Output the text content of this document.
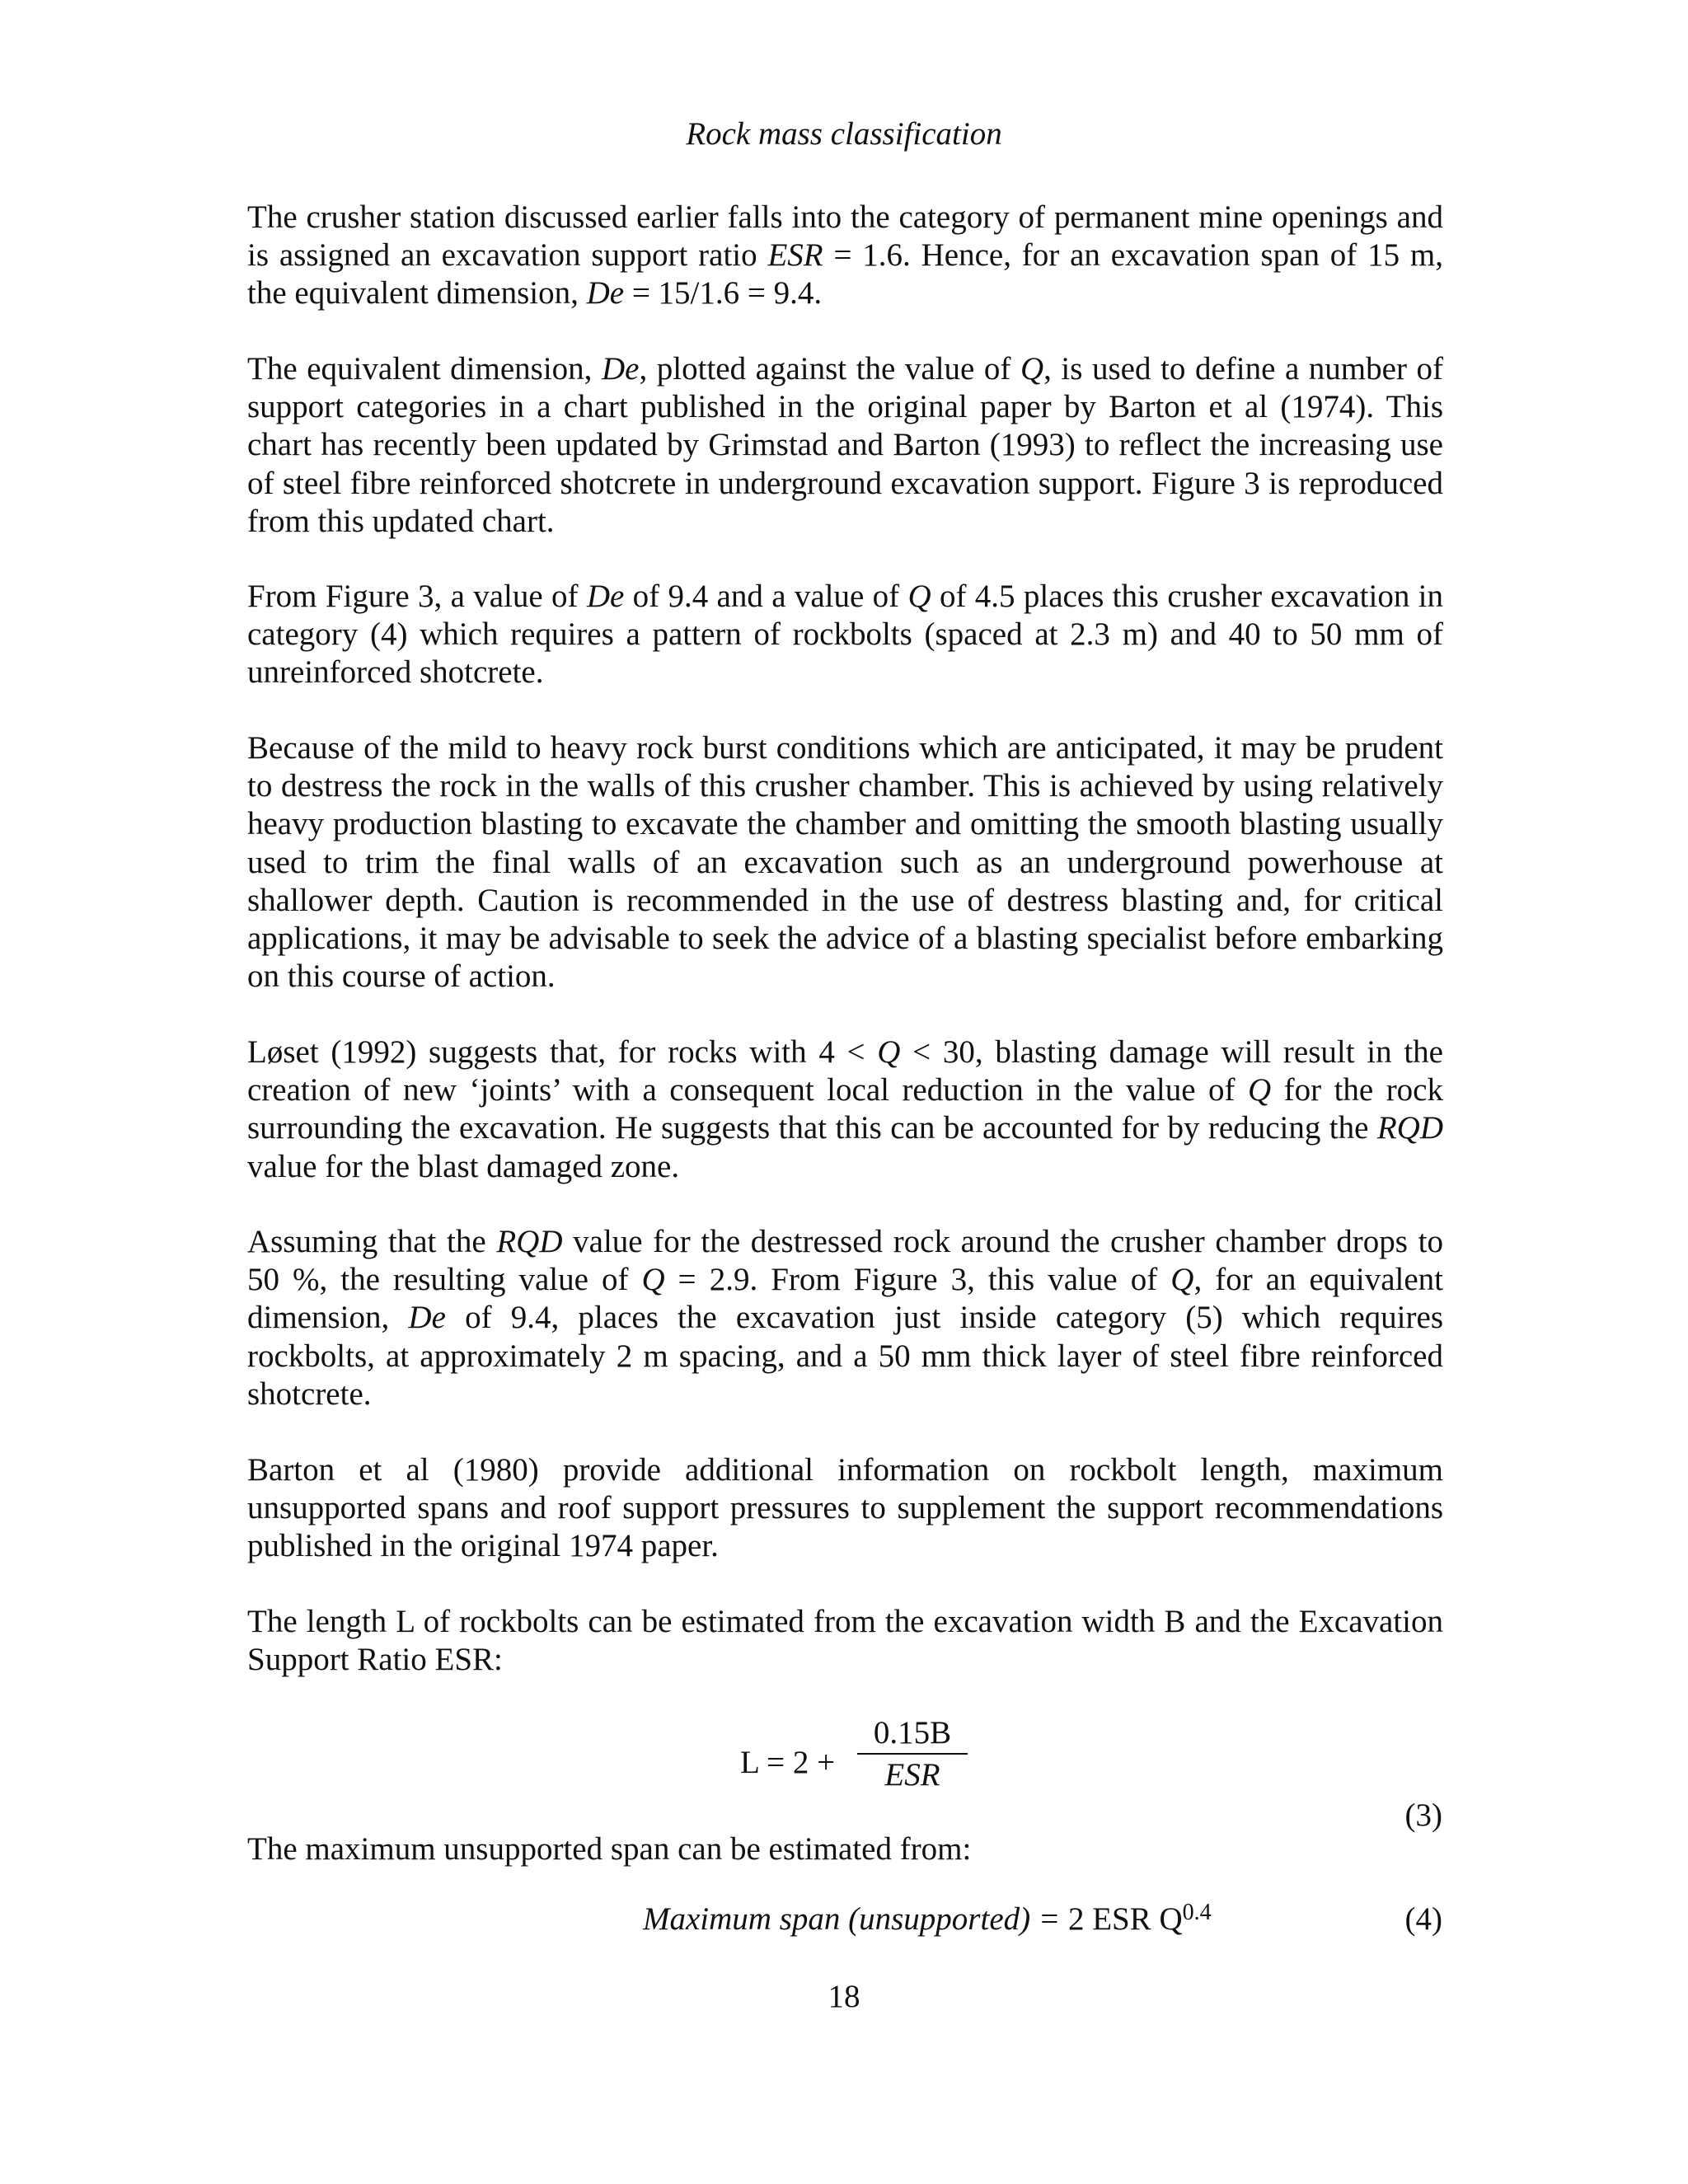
Rock mass classification
The crusher station discussed earlier falls into the category of permanent mine openings and is assigned an excavation support ratio ESR = 1.6. Hence, for an excavation span of 15 m, the equivalent dimension, De = 15/1.6 = 9.4.
The equivalent dimension, De, plotted against the value of Q, is used to define a number of support categories in a chart published in the original paper by Barton et al (1974). This chart has recently been updated by Grimstad and Barton (1993) to reflect the increasing use of steel fibre reinforced shotcrete in underground excavation support. Figure 3 is reproduced from this updated chart.
From Figure 3, a value of De of 9.4 and a value of Q of 4.5 places this crusher excavation in category (4) which requires a pattern of rockbolts (spaced at 2.3 m) and 40 to 50 mm of unreinforced shotcrete.
Because of the mild to heavy rock burst conditions which are anticipated, it may be prudent to destress the rock in the walls of this crusher chamber. This is achieved by using relatively heavy production blasting to excavate the chamber and omitting the smooth blasting usually used to trim the final walls of an excavation such as an underground powerhouse at shallower depth. Caution is recommended in the use of destress blasting and, for critical applications, it may be advisable to seek the advice of a blasting specialist before embarking on this course of action.
Løset (1992) suggests that, for rocks with 4 < Q < 30, blasting damage will result in the creation of new ‘joints’ with a consequent local reduction in the value of Q for the rock surrounding the excavation. He suggests that this can be accounted for by reducing the RQD value for the blast damaged zone.
Assuming that the RQD value for the destressed rock around the crusher chamber drops to 50 %, the resulting value of Q = 2.9. From Figure 3, this value of Q, for an equivalent dimension, De of 9.4, places the excavation just inside category (5) which requires rockbolts, at approximately 2 m spacing, and a 50 mm thick layer of steel fibre reinforced shotcrete.
Barton et al (1980) provide additional information on rockbolt length, maximum unsupported spans and roof support pressures to supplement the support recommendations published in the original 1974 paper.
The length L of rockbolts can be estimated from the excavation width B and the Excavation Support Ratio ESR:
L = 2 +
0.15B
ESR
(3)
The maximum unsupported span can be estimated from:
Maximum span (unsupported) = 2 ESR $Q^{0.4}$	(4)
18
